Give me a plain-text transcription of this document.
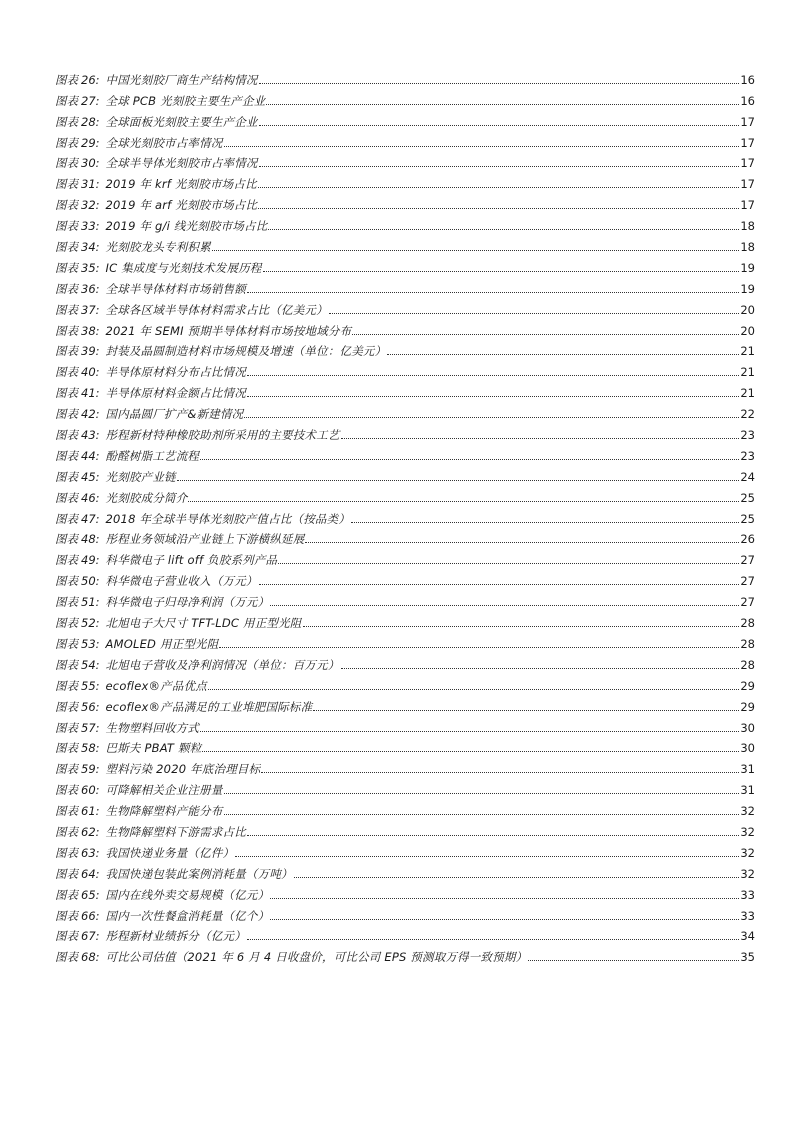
图表 26: 中国光刻胶厂商生产结构情况	16
图表 27: 全球 PCB 光刻胶主要生产企业	16
图表 28: 全球面板光刻胶主要生产企业	17
图表 29: 全球光刻胶市占率情况	17
图表 30: 全球半导体光刻胶市占率情况	17
图表 31: 2019 年 krf 光刻胶市场占比	17
图表 32: 2019 年 arf 光刻胶市场占比	17
图表 33: 2019 年 g/i 线光刻胶市场占比	18
图表 34: 光刻胶龙头专利积累	18
图表 35: IC 集成度与光刻技术发展历程	19
图表 36: 全球半导体材料市场销售额	19
图表 37: 全球各区域半导体材料需求占比（亿美元）	20
图表 38: 2021 年 SEMI 预期半导体材料市场按地域分布	20
图表 39: 封装及晶圆制造材料市场规模及增速（单位：亿美元）	21
图表 40: 半导体原材料分布占比情况	21
图表 41: 半导体原材料金额占比情况	21
图表 42: 国内晶圆厂扩产&新建情况	22
图表 43: 彤程新材特种橡胶助剂所采用的主要技术工艺	23
图表 44: 酚醛树脂工艺流程	23
图表 45: 光刻胶产业链	24
图表 46: 光刻胶成分简介	25
图表 47: 2018 年全球半导体光刻胶产值占比（按品类）	25
图表 48: 彤程业务领域沿产业链上下游横纵延展	26
图表 49: 科华微电子 lift off 负胶系列产品	27
图表 50: 科华微电子营业收入（万元）	27
图表 51: 科华微电子归母净利润（万元）	27
图表 52: 北旭电子大尺寸 TFT-LDC 用正型光阻	28
图表 53: AMOLED 用正型光阻	28
图表 54: 北旭电子营收及净利润情况（单位：百万元）	28
图表 55: ecoflex®产品优点	29
图表 56: ecoflex®产品满足的工业堆肥国际标准	29
图表 57: 生物塑料回收方式	30
图表 58: 巴斯夫 PBAT 颗粒	30
图表 59: 塑料污染 2020 年底治理目标	31
图表 60: 可降解相关企业注册量	31
图表 61: 生物降解塑料产能分布	32
图表 62: 生物降解塑料下游需求占比	32
图表 63: 我国快递业务量（亿件）	32
图表 64: 我国快递包装此案例消耗量（万吨）	32
图表 65: 国内在线外卖交易规模（亿元）	33
图表 66: 国内一次性餐盒消耗量（亿个）	33
图表 67: 彤程新材业绩拆分（亿元）	34
图表 68: 可比公司估值（2021 年 6 月 4 日收盘价，可比公司 EPS 预测取万得一致预期）	35
